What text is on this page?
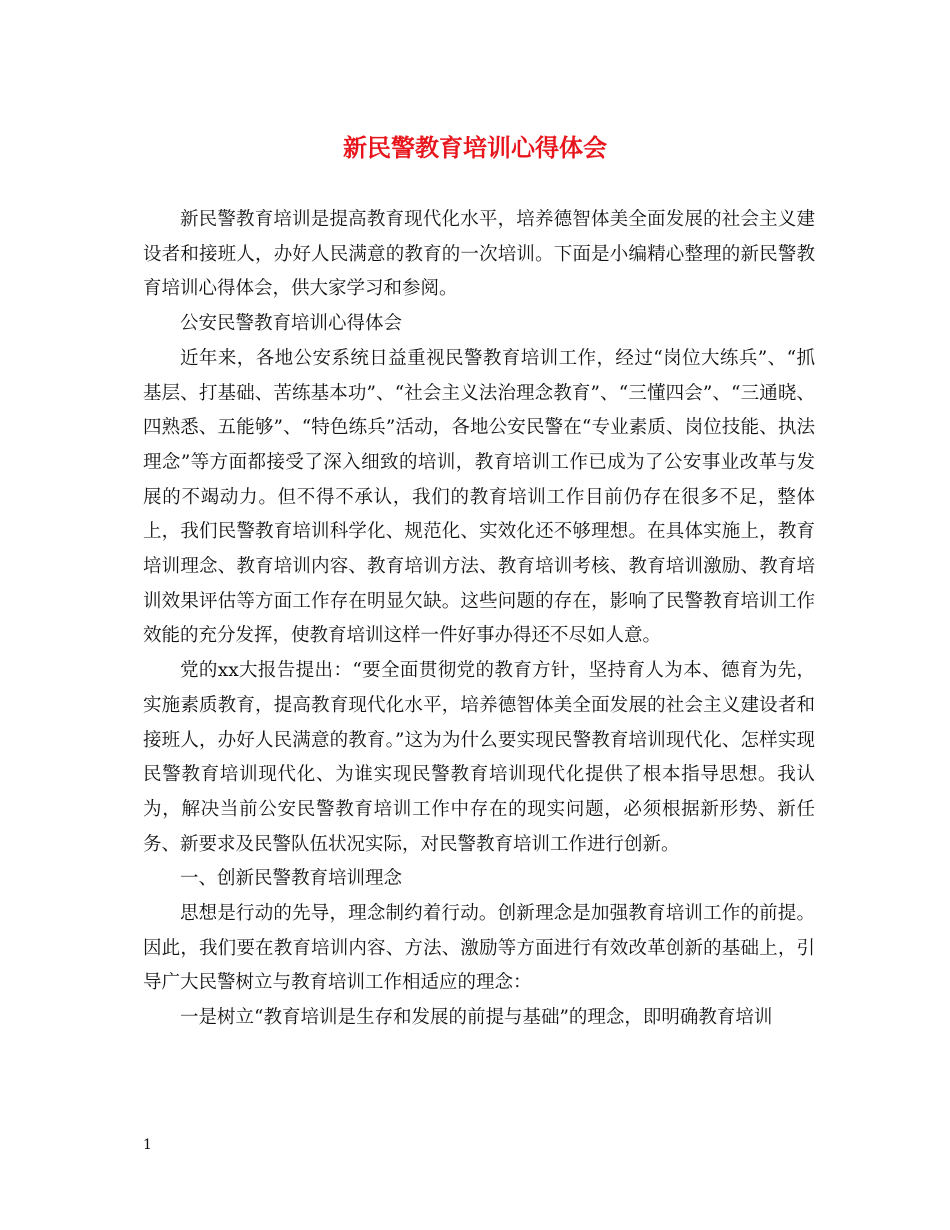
新民警教育培训心得体会

新民警教育培训是提高教育现代化水平，培养德智体美全面发展的社会主义建设者和接班人，办好人民满意的教育的一次培训。下面是小编精心整理的新民警教育培训心得体会，供大家学习和参阅。

公安民警教育培训心得体会

近年来，各地公安系统日益重视民警教育培训工作，经过“岗位大练兵”、“抓基层、打基础、苦练基本功”、“社会主义法治理念教育”、“三懂四会”、“三通晓、四熟悉、五能够”、“特色练兵”活动，各地公安民警在“专业素质、岗位技能、执法理念”等方面都接受了深入细致的培训，教育培训工作已成为了公安事业改革与发展的不竭动力。但不得不承认，我们的教育培训工作目前仍存在很多不足，整体上，我们民警教育培训科学化、规范化、实效化还不够理想。在具体实施上，教育培训理念、教育培训内容、教育培训方法、教育培训考核、教育培训激励、教育培训效果评估等方面工作存在明显欠缺。这些问题的存在，影响了民警教育培训工作效能的充分发挥，使教育培训这样一件好事办得还不尽如人意。

党的xx大报告提出：“要全面贯彻党的教育方针，坚持育人为本、德育为先，实施素质教育，提高教育现代化水平，培养德智体美全面发展的社会主义建设者和接班人，办好人民满意的教育。”这为为什么要实现民警教育培训现代化、怎样实现民警教育培训现代化、为谁实现民警教育培训现代化提供了根本指导思想。我认为，解决当前公安民警教育培训工作中存在的现实问题，必须根据新形势、新任务、新要求及民警队伍状况实际，对民警教育培训工作进行创新。

一、创新民警教育培训理念

思想是行动的先导，理念制约着行动。创新理念是加强教育培训工作的前提。因此，我们要在教育培训内容、方法、激励等方面进行有效改革创新的基础上，引导广大民警树立与教育培训工作相适应的理念：

一是树立“教育培训是生存和发展的前提与基础”的理念，即明确教育培训

1
